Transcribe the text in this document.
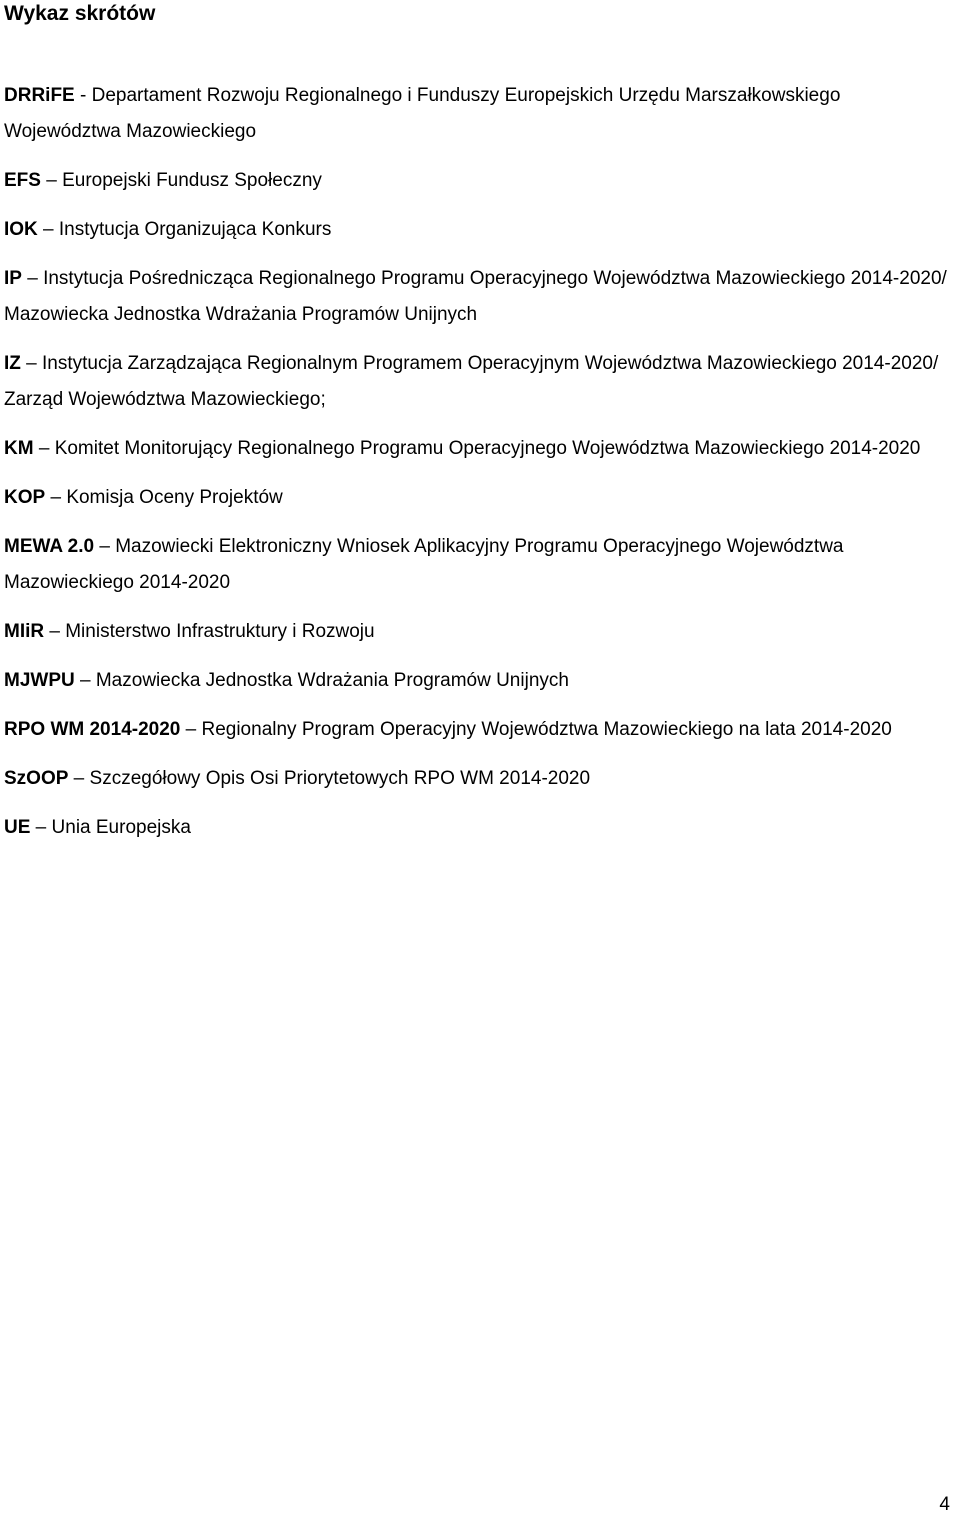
Wykaz skrótów

DRRiFE - Departament Rozwoju Regionalnego i Funduszy Europejskich Urzędu Marszałkowskiego Województwa Mazowieckiego

EFS – Europejski Fundusz Społeczny

IOK – Instytucja Organizująca Konkurs

IP – Instytucja Pośrednicząca Regionalnego Programu Operacyjnego Województwa Mazowieckiego 2014-2020/ Mazowiecka Jednostka Wdrażania Programów Unijnych

IZ – Instytucja Zarządzająca Regionalnym Programem Operacyjnym Województwa Mazowieckiego 2014-2020/ Zarząd Województwa Mazowieckiego;

KM – Komitet Monitorujący Regionalnego Programu Operacyjnego Województwa Mazowieckiego 2014-2020

KOP – Komisja Oceny Projektów

MEWA 2.0 – Mazowiecki Elektroniczny Wniosek Aplikacyjny Programu Operacyjnego Województwa Mazowieckiego 2014-2020

MIiR – Ministerstwo Infrastruktury i Rozwoju

MJWPU – Mazowiecka Jednostka Wdrażania Programów Unijnych

RPO WM 2014-2020 – Regionalny Program Operacyjny Województwa Mazowieckiego na lata 2014-2020

SzOOP – Szczegółowy Opis Osi Priorytetowych RPO WM 2014-2020

UE – Unia Europejska

4
